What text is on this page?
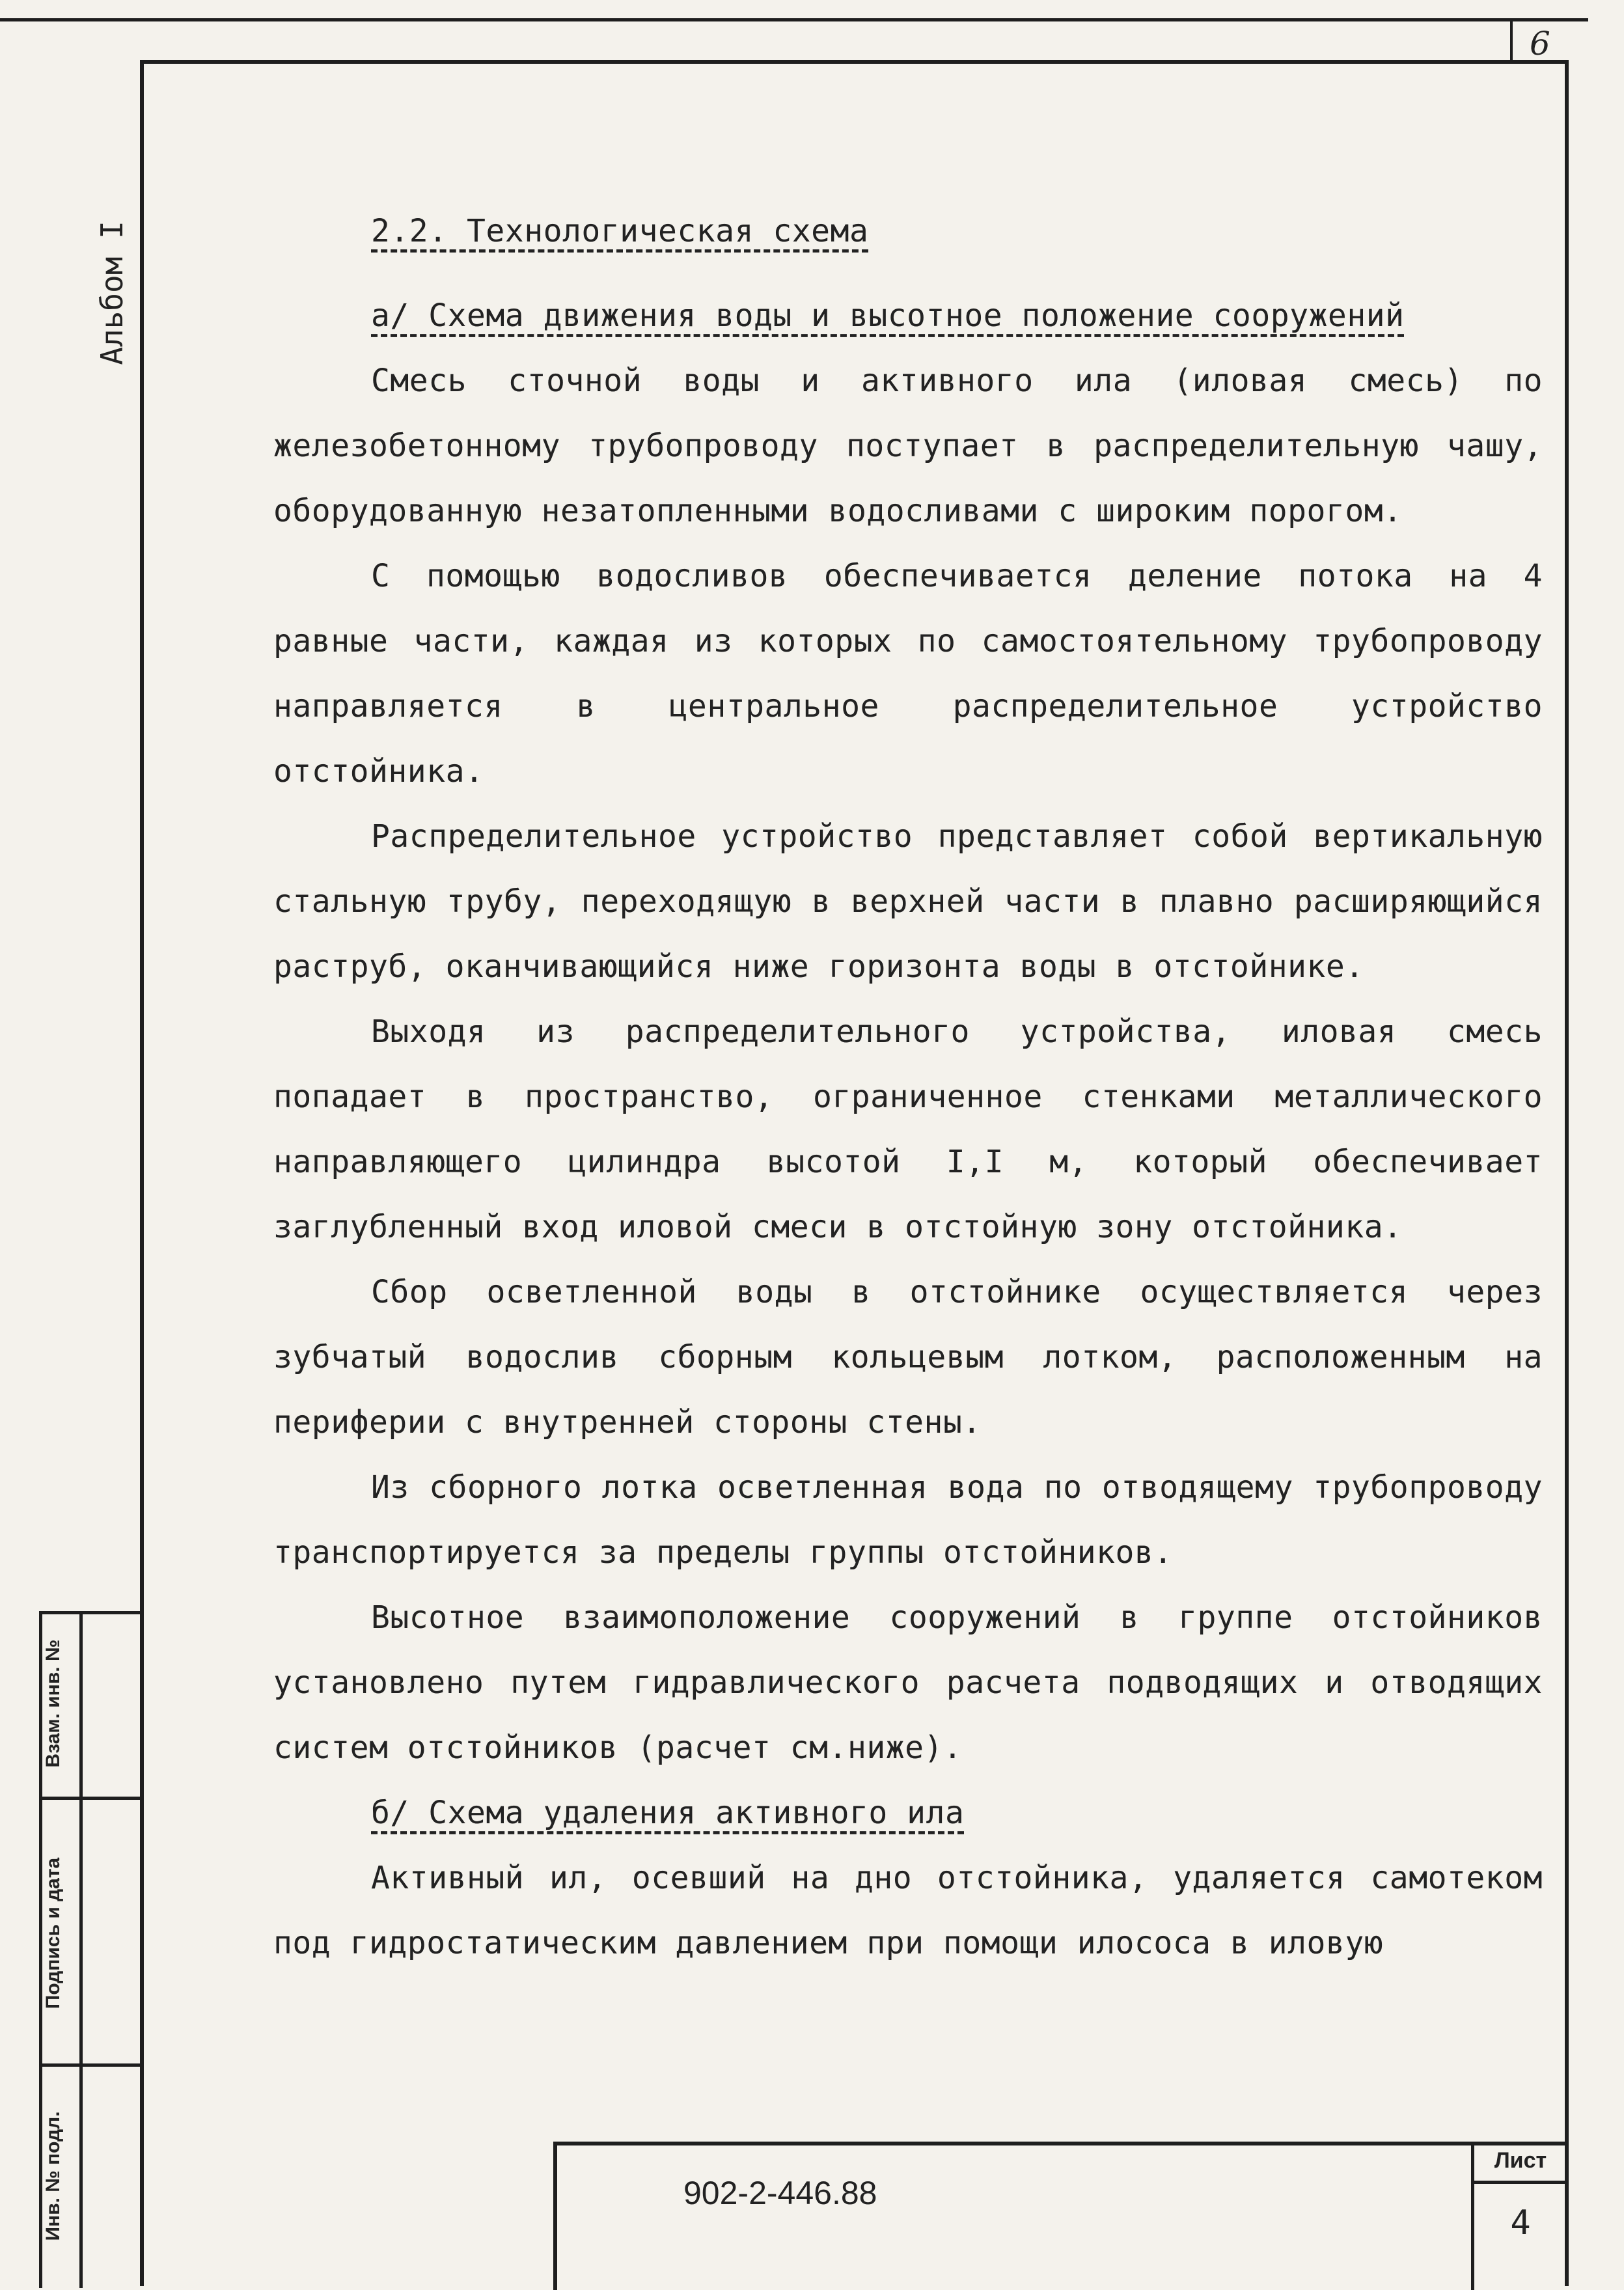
6
Альбом I
Взам. инв. №
Подпись и дата
Инв. № подл.

2.2. Технологическая схема

а/ Схема движения воды и высотное положение сооружений

Смесь сточной воды и активного ила (иловая смесь) по железобетонному трубопроводу поступает в распределительную чашу, оборудованную незатопленными водосливами с широким порогом.

С помощью водосливов обеспечивается деление потока на 4 равные части, каждая из которых по самостоятельному трубопроводу направляется в центральное распределительное устройство отстойника.

Распределительное устройство представляет собой вертикальную стальную трубу, переходящую в верхней части в плавно расширяющийся раструб, оканчивающийся ниже горизонта воды в отстойнике.

Выходя из распределительного устройства, иловая смесь попадает в пространство, ограниченное стенками металлического направляющего цилиндра высотой I,I м, который обеспечивает заглубленный вход иловой смеси в отстойную зону отстойника.

Сбор осветленной воды в отстойнике осуществляется через зубчатый водослив сборным кольцевым лотком, расположенным на периферии с внутренней стороны стены.

Из сборного лотка осветленная вода по отводящему трубопроводу транспортируется за пределы группы отстойников.

Высотное взаимоположение сооружений в группе отстойников установлено путем гидравлического расчета подводящих и отводящих систем отстойников (расчет см.ниже).

б/ Схема удаления активного ила

Активный ил, осевший на дно отстойника, удаляется самотеком под гидростатическим давлением при помощи илососа в иловую

902-2-446.88
Лист
4
